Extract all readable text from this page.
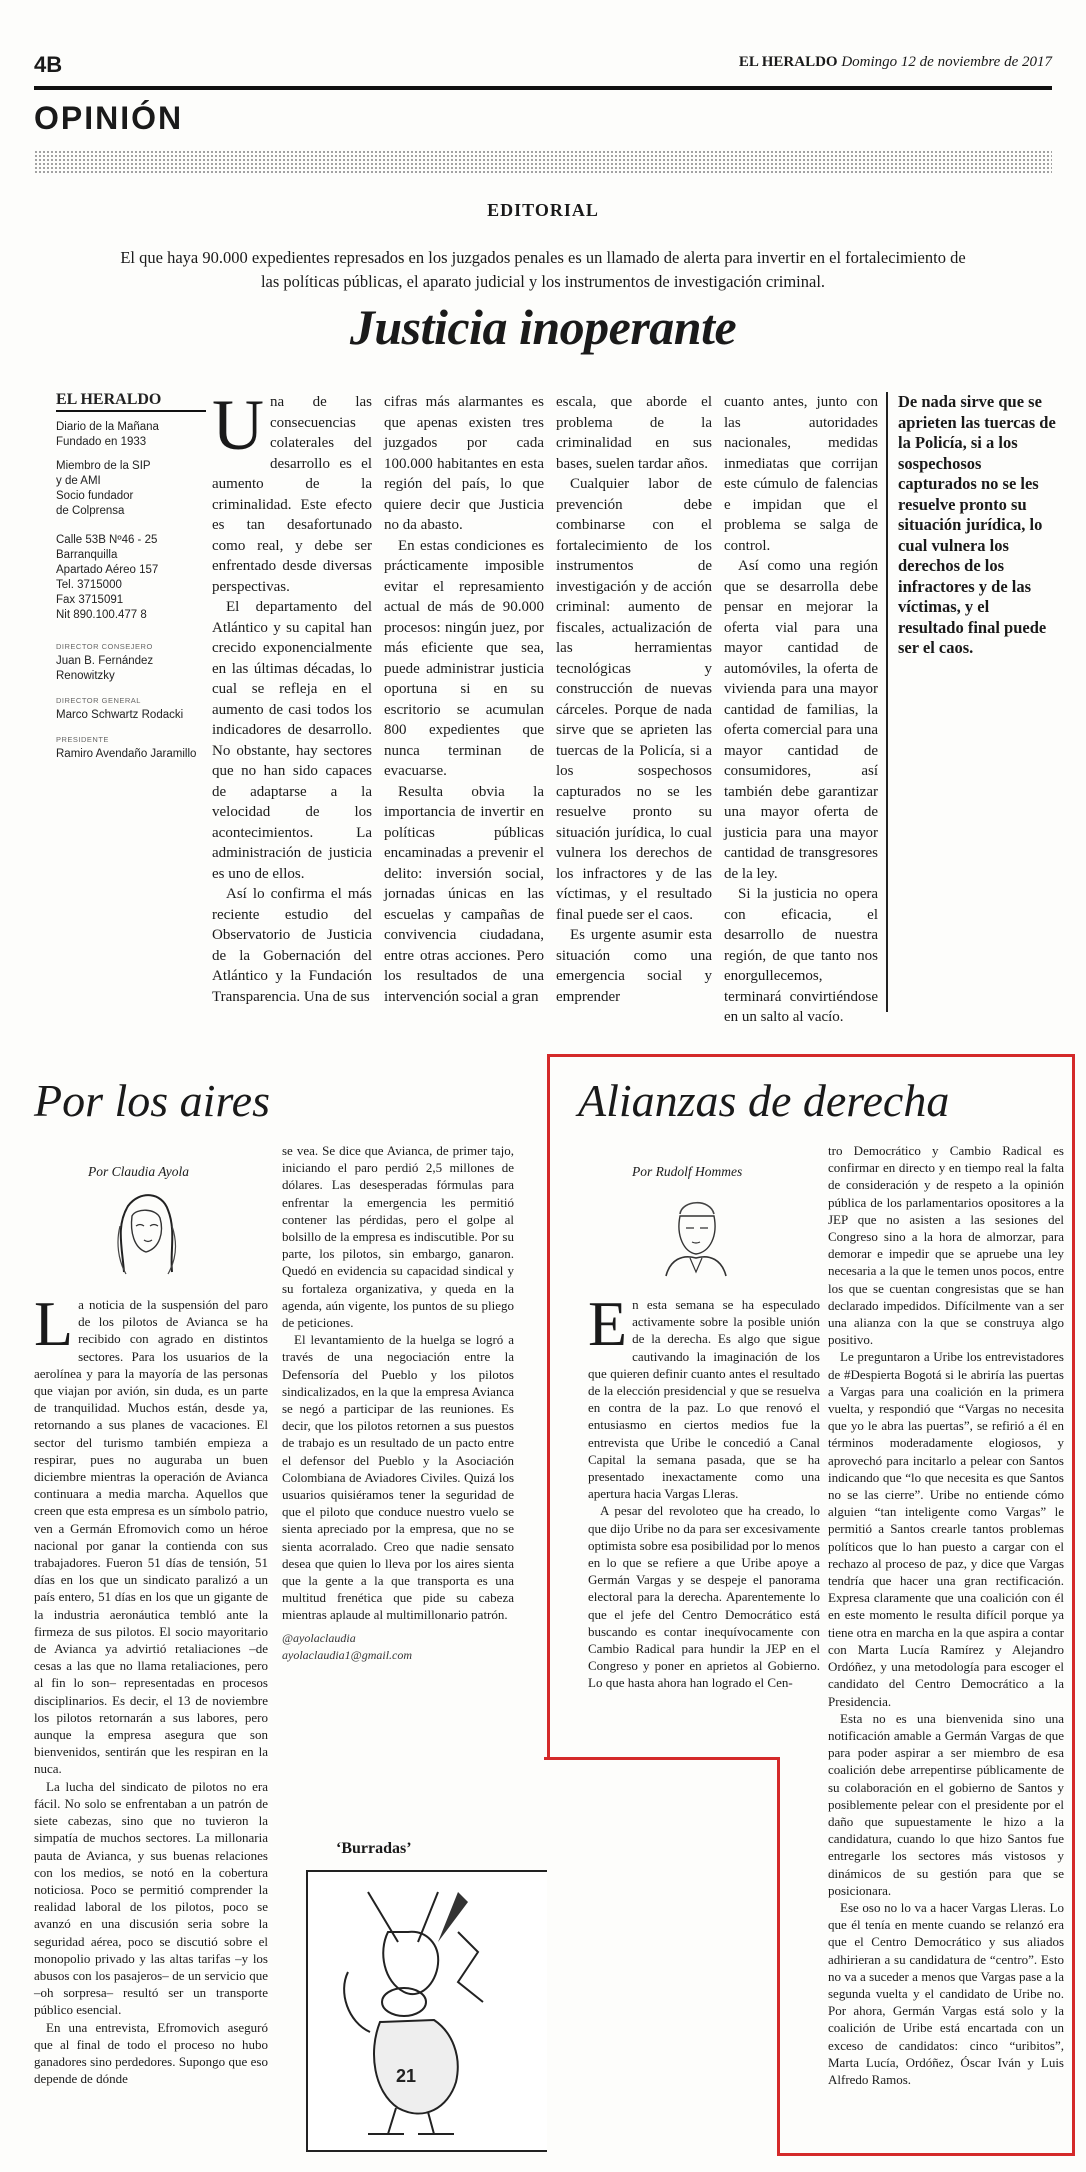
4B	EL HERALDO Domingo 12 de noviembre de 2017
OPINIÓN
EDITORIAL
El que haya 90.000 expedientes represados en los juzgados penales es un llamado de alerta para invertir en el fortalecimiento de las políticas públicas, el aparato judicial y los instrumentos de investigación criminal.
Justicia inoperante
EL HERALDO
Diario de la Mañana
Fundado en 1933
Miembro de la SIP
y de AMI
Socio fundador
de Colprensa
Calle 53B Nº46 - 25
Barranquilla
Apartado Aéreo 157
Tel. 3715000
Fax 3715091
Nit 890.100.477 8
DIRECTOR CONSEJERO
Juan B. Fernández Renowitzky
DIRECTOR GENERAL
Marco Schwartz Rodacki
PRESIDENTE
Ramiro Avendaño Jaramillo
U na de las consecuencias colaterales del desarrollo es el aumento de la criminalidad. Este efecto es tan desafortunado como real, y debe ser enfrentado desde diversas perspectivas.

El departamento del Atlántico y su capital han crecido exponencialmente en las últimas décadas, lo cual se refleja en el aumento de casi todos los indicadores de desarrollo. No obstante, hay sectores que no han sido capaces de adaptarse a la velocidad de los acontecimientos. La administración de justicia es uno de ellos.

Así lo confirma el más reciente estudio del Observatorio de Justicia de la Gobernación del Atlántico y la Fundación Transparencia. Una de sus

cifras más alarmantes es que apenas existen tres juzgados por cada 100.000 habitantes en esta región del país, lo que quiere decir que Justicia no da abasto.

En estas condiciones es prácticamente imposible evitar el represamiento actual de más de 90.000 procesos: ningún juez, por más eficiente que sea, puede administrar justicia oportuna si en su escritorio se acumulan 800 expedientes que nunca terminan de evacuarse.

Resulta obvia la importancia de invertir en políticas públicas encaminadas a prevenir el delito: inversión social, jornadas únicas en las escuelas y campañas de convivencia ciudadana, entre otras acciones. Pero los resultados de una intervención social a gran

escala, que aborde el problema de la criminalidad en sus bases, suelen tardar años.

Cualquier labor de prevención debe combinarse con el fortalecimiento de los instrumentos de investigación y de acción criminal: aumento de fiscales, actualización de las herramientas tecnológicas y construcción de nuevas cárceles. Porque de nada sirve que se aprieten las tuercas de la Policía, si a los sospechosos capturados no se les resuelve pronto su situación jurídica, lo cual vulnera los derechos de los infractores y de las víctimas, y el resultado final puede ser el caos.

Es urgente asumir esta situación como una emergencia social y emprender

cuanto antes, junto con las autoridades nacionales, medidas inmediatas que corrijan este cúmulo de falencias e impidan que el problema se salga de control.

Así como una región que se desarrolla debe pensar en mejorar la oferta vial para una mayor cantidad de automóviles, la oferta de vivienda para una mayor cantidad de familias, la oferta comercial para una mayor cantidad de consumidores, así también debe garantizar una mayor oferta de justicia para una mayor cantidad de transgresores de la ley.

Si la justicia no opera con eficacia, el desarrollo de nuestra región, de que tanto nos enorgullecemos, terminará convirtiéndose en un salto al vacío.

De nada sirve que se aprieten las tuercas de la Policía, si a los sospechosos capturados no se les resuelve pronto su situación jurídica, lo cual vulnera los derechos de los infractores y de las víctimas, y el resultado final puede ser el caos.
Por los aires
Por Claudia Ayola
L a noticia de la suspensión del paro de los pilotos de Avianca se ha recibido con agrado en distintos sectores. Para los usuarios de la aerolínea y para la mayoría de las personas que viajan por avión, sin duda, es un parte de tranquilidad. Muchos están, desde ya, retornando a sus planes de vacaciones. El sector del turismo también empieza a respirar, pues no auguraba un buen diciembre mientras la operación de Avianca continuara a media marcha. Aquellos que creen que esta empresa es un símbolo patrio, ven a Germán Efromovich como un héroe nacional por ganar la contienda con sus trabajadores. Fueron 51 días de tensión, 51 días en los que un sindicato paralizó a un país entero, 51 días en los que un gigante de la industria aeronáutica tembló ante la firmeza de sus pilotos. El socio mayoritario de Avianca ya advirtió retaliaciones –de cesas a las que no llama retaliaciones, pero al fin lo son– representadas en procesos disciplinarios. Es decir, el 13 de noviembre los pilotos retornarán a sus labores, pero aunque la empresa asegura que son bienvenidos, sentirán que les respiran en la nuca.

La lucha del sindicato de pilotos no era fácil. No solo se enfrentaban a un patrón de siete cabezas, sino que no tuvieron la simpatía de muchos sectores. La millonaria pauta de Avianca, y sus buenas relaciones con los medios, se notó en la cobertura noticiosa. Poco se permitió comprender la realidad laboral de los pilotos, poco se avanzó en una discusión seria sobre la seguridad aérea, poco se discutió sobre el monopolio privado y las altas tarifas –y los abusos con los pasajeros– de un servicio que –oh sorpresa– resultó ser un transporte público esencial.

En una entrevista, Efromovich aseguró que al final de todo el proceso no hubo ganadores sino perdedores. Supongo que eso depende de dónde

se vea. Se dice que Avianca, de primer tajo, iniciando el paro perdió 2,5 millones de dólares. Las desesperadas fórmulas para enfrentar la emergencia les permitió contener las pérdidas, pero el golpe al bolsillo de la empresa es indiscutible. Por su parte, los pilotos, sin embargo, ganaron. Quedó en evidencia su capacidad sindical y su fortaleza organizativa, y queda en la agenda, aún vigente, los puntos de su pliego de peticiones.

El levantamiento de la huelga se logró a través de una negociación entre la Defensoría del Pueblo y los pilotos sindicalizados, en la que la empresa Avianca se negó a participar de las reuniones. Es decir, que los pilotos retornen a sus puestos de trabajo es un resultado de un pacto entre el defensor del Pueblo y la Asociación Colombiana de Aviadores Civiles. Quizá los usuarios quisiéramos tener la seguridad de que el piloto que conduce nuestro vuelo se sienta apreciado por la empresa, que no se sienta acorralado. Creo que nadie sensato desea que quien lo lleva por los aires sienta que la gente a la que transporta es una multitud frenética que pide su cabeza mientras aplaude al multimillonario patrón.

@ayolaclaudia
ayolaclaudia1@gmail.com
‘Burradas’
21
Alianzas de derecha
Por Rudolf Hommes
E n esta semana se ha especulado activamente sobre la posible unión de la derecha. Es algo que sigue cautivando la imaginación de los que quieren definir cuanto antes el resultado de la elección presidencial y que se resuelva en contra de la paz. Lo que renovó el entusiasmo en ciertos medios fue la entrevista que Uribe le concedió a Canal Capital la semana pasada, que se ha presentado inexactamente como una apertura hacia Vargas Lleras.

A pesar del revoloteo que ha creado, lo que dijo Uribe no da para ser excesivamente optimista sobre esa posibilidad por lo menos en lo que se refiere a que Uribe apoye a Germán Vargas y se despeje el panorama electoral para la derecha. Aparentemente lo que el jefe del Centro Democrático está buscando es contar inequívocamente con Cambio Radical para hundir la JEP en el Congreso y poner en aprietos al Gobierno. Lo que hasta ahora han logrado el Cen-

tro Democrático y Cambio Radical es confirmar en directo y en tiempo real la falta de consideración y de respeto a la opinión pública de los parlamentarios opositores a la JEP que no asisten a las sesiones del Congreso sino a la hora de almorzar, para demorar e impedir que se apruebe una ley necesaria a la que le temen unos pocos, entre los que se cuentan congresistas que se han declarado impedidos. Difícilmente van a ser una alianza con la que se construya algo positivo.

Le preguntaron a Uribe los entrevistadores de #Despierta Bogotá si le abriría las puertas a Vargas para una coalición en la primera vuelta, y respondió que “Vargas no necesita que yo le abra las puertas”, se refirió a él en términos moderadamente elogiosos, y aprovechó para incitarlo a pelear con Santos indicando que “lo que necesita es que Santos no se las cierre”. Uribe no entiende cómo alguien “tan inteligente como Vargas” le permitió a Santos crearle tantos problemas políticos que lo han puesto a cargar con el rechazo al proceso de paz, y dice que Vargas tendría que hacer una gran rectificación. Expresa claramente que una coalición con él en este momento le resulta difícil porque ya tiene otra en marcha en la que aspira a contar con Marta Lucía Ramírez y Alejandro Ordóñez, y una metodología para escoger el candidato del Centro Democrático a la Presidencia.

Esta no es una bienvenida sino una notificación amable a Germán Vargas de que para poder aspirar a ser miembro de esa coalición debe arrepentirse públicamente de su colaboración en el gobierno de Santos y posiblemente pelear con el presidente por el daño que supuestamente le hizo a la candidatura, cuando lo que hizo Santos fue entregarle los sectores más vistosos y dinámicos de su gestión para que se posicionara.

Ese oso no lo va a hacer Vargas Lleras. Lo que él tenía en mente cuando se relanzó era que el Centro Democrático y sus aliados adhirieran a su candidatura de “centro”. Esto no va a suceder a menos que Vargas pase a la segunda vuelta y el candidato de Uribe no. Por ahora, Germán Vargas está solo y la coalición de Uribe está encartada con un exceso de candidatos: cinco “uribitos”, Marta Lucía, Ordóñez, Óscar Iván y Luis Alfredo Ramos.
